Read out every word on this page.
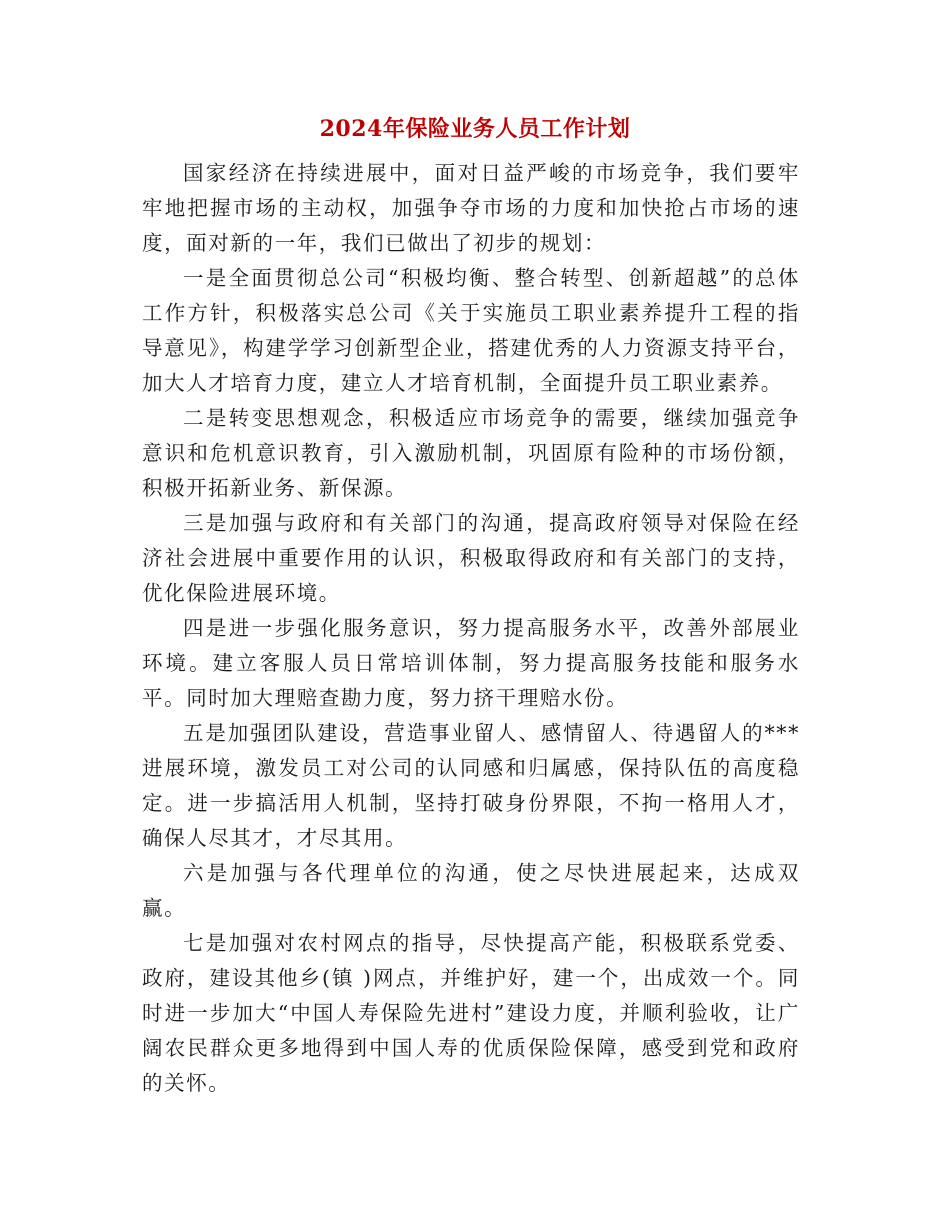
2024年保险业务人员工作计划

国家经济在持续进展中，面对日益严峻的市场竞争，我们要牢牢地把握市场的主动权，加强争夺市场的力度和加快抢占市场的速度，面对新的一年，我们已做出了初步的规划：

一是全面贯彻总公司“积极均衡、整合转型、创新超越”的总体工作方针，积极落实总公司《关于实施员工职业素养提升工程的指导意见》，构建学学习创新型企业，搭建优秀的人力资源支持平台，加大人才培育力度，建立人才培育机制，全面提升员工职业素养。

二是转变思想观念，积极适应市场竞争的需要，继续加强竞争意识和危机意识教育，引入激励机制，巩固原有险种的市场份额，积极开拓新业务、新保源。

三是加强与政府和有关部门的沟通，提高政府领导对保险在经济社会进展中重要作用的认识，积极取得政府和有关部门的支持，优化保险进展环境。

四是进一步强化服务意识，努力提高服务水平，改善外部展业环境。建立客服人员日常培训体制，努力提高服务技能和服务水平。同时加大理赔查勘力度，努力挤干理赔水份。

五是加强团队建设，营造事业留人、感情留人、待遇留人的***进展环境，激发员工对公司的认同感和归属感，保持队伍的高度稳定。进一步搞活用人机制，坚持打破身份界限，不拘一格用人才，确保人尽其才，才尽其用。

六是加强与各代理单位的沟通，使之尽快进展起来，达成双赢。

七是加强对农村网点的指导，尽快提高产能，积极联系党委、政府，建设其他乡(镇 )网点，并维护好，建一个，出成效一个。同时进一步加大“中国人寿保险先进村”建设力度，并顺利验收，让广阔农民群众更多地得到中国人寿的优质保险保障，感受到党和政府的关怀。
